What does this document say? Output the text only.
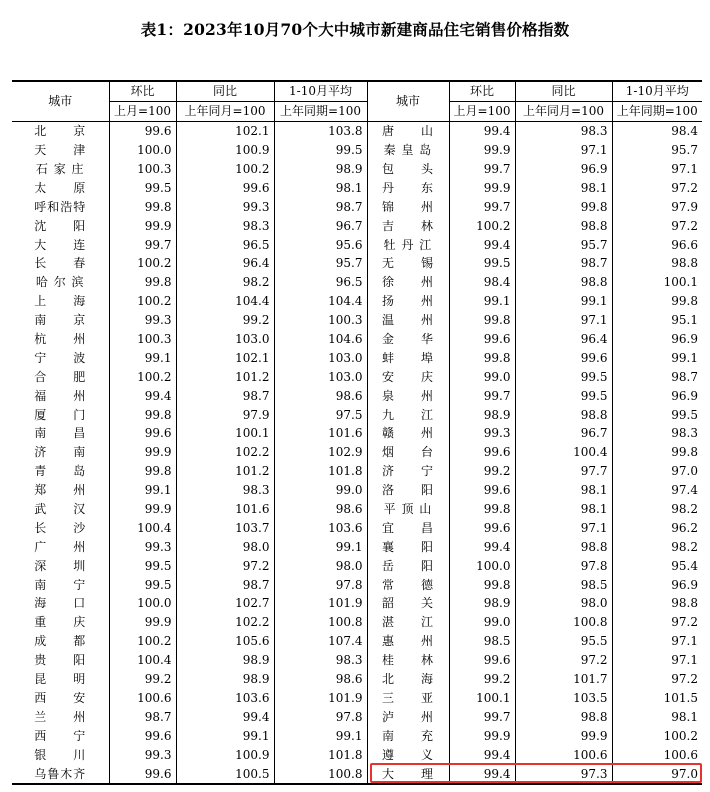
表1：2023年10月70个大中城市新建商品住宅销售价格指数
城市	环比	同比	1-10月平均	城市	环比	同比	1-10月平均
	上月=100	上年同月=100	上年同期=100		上月=100	上年同月=100	上年同期=100
北　　京	99.6	102.1	103.8	唐　　山	99.4	98.3	98.4
天　　津	100.0	100.9	99.5	秦 皇 岛	99.9	97.1	95.7
石 家 庄	100.3	100.2	98.9	包　　头	99.7	96.9	97.1
太　　原	99.5	99.6	98.1	丹　　东	99.9	98.1	97.2
呼和浩特	99.8	99.3	98.7	锦　　州	99.7	99.8	97.9
沈　　阳	99.9	98.3	96.7	吉　　林	100.2	98.8	97.2
大　　连	99.7	96.5	95.6	牡 丹 江	99.4	95.7	96.6
长　　春	100.2	96.4	95.7	无　　锡	99.5	98.7	98.8
哈 尔 滨	99.8	98.2	96.5	徐　　州	98.4	98.8	100.1
上　　海	100.2	104.4	104.4	扬　　州	99.1	99.1	99.8
南　　京	99.3	99.2	100.3	温　　州	99.8	97.1	95.1
杭　　州	100.3	103.0	104.6	金　　华	99.6	96.4	96.9
宁　　波	99.1	102.1	103.0	蚌　　埠	99.8	99.6	99.1
合　　肥	100.2	101.2	103.0	安　　庆	99.0	99.5	98.7
福　　州	99.4	98.7	98.6	泉　　州	99.7	99.5	96.9
厦　　门	99.8	97.9	97.5	九　　江	98.9	98.8	99.5
南　　昌	99.6	100.1	101.6	赣　　州	99.3	96.7	98.3
济　　南	99.9	102.2	102.9	烟　　台	99.6	100.4	99.8
青　　岛	99.8	101.2	101.8	济　　宁	99.2	97.7	97.0
郑　　州	99.1	98.3	99.0	洛　　阳	99.6	98.1	97.4
武　　汉	99.9	101.6	98.6	平 顶 山	99.8	98.1	98.2
长　　沙	100.4	103.7	103.6	宜　　昌	99.6	97.1	96.2
广　　州	99.3	98.0	99.1	襄　　阳	99.4	98.8	98.2
深　　圳	99.5	97.2	98.0	岳　　阳	100.0	97.8	95.4
南　　宁	99.5	98.7	97.8	常　　德	99.8	98.5	96.9
海　　口	100.0	102.7	101.9	韶　　关	98.9	98.0	98.8
重　　庆	99.9	102.2	100.8	湛　　江	99.0	100.8	97.2
成　　都	100.2	105.6	107.4	惠　　州	98.5	95.5	97.1
贵　　阳	100.4	98.9	98.3	桂　　林	99.6	97.2	97.1
昆　　明	99.2	98.9	98.6	北　　海	99.2	101.7	97.2
西　　安	100.6	103.6	101.9	三　　亚	100.1	103.5	101.5
兰　　州	98.7	99.4	97.8	泸　　州	99.7	98.8	98.1
西　　宁	99.6	99.1	99.1	南　　充	99.9	99.9	100.2
银　　川	99.3	100.9	101.8	遵　　义	99.4	100.6	100.6
乌鲁木齐	99.6	100.5	100.8	大　　理	99.4	97.3	97.0
